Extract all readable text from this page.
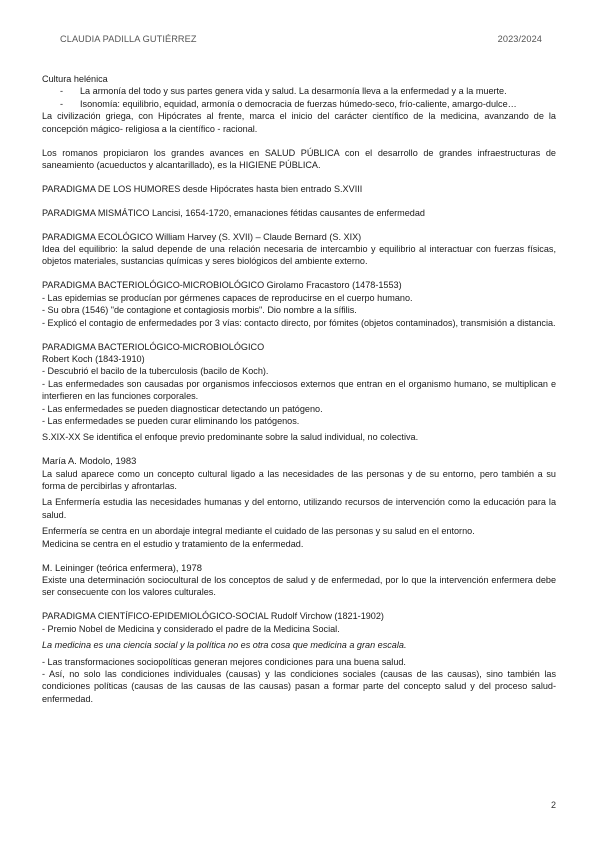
CLAUDIA PADILLA GUTIÉRREZ	2023/2024

Cultura helénica

- La armonía del todo y sus partes genera vida y salud. La desarmonía lleva a la enfermedad y a la muerte.
- Isonomía: equilibrio, equidad, armonía o democracia de fuerzas húmedo-seco, frío-caliente, amargo-dulce…

La civilización griega, con Hipócrates al frente, marca el inicio del carácter científico de la medicina, avanzando de la concepción mágico- religiosa a la científico - racional.

Los romanos propiciaron los grandes avances en SALUD PÚBLICA con el desarrollo de grandes infraestructuras de saneamiento (acueductos y alcantarillado), es la HIGIENE PÚBLICA.

PARADIGMA DE LOS HUMORES desde Hipócrates hasta bien entrado S.XVIII

PARADIGMA MISMÁTICO Lancisi, 1654-1720, emanaciones fétidas causantes de enfermedad

PARADIGMA ECOLÓGICO William Harvey (S. XVII) – Claude Bernard (S. XIX)

Idea del equilibrio: la salud depende de una relación necesaria de intercambio y equilibrio al interactuar con fuerzas físicas, objetos materiales, sustancias químicas y seres biológicos del ambiente externo.

PARADIGMA BACTERIOLÓGICO-MICROBIOLÓGICO Girolamo Fracastoro (1478-1553)

- Las epidemias se producían por gérmenes capaces de reproducirse en el cuerpo humano.

- Su obra (1546) "de contagione et contagiosis morbis". Dio nombre a la sífilis.

- Explicó el contagio de enfermedades por 3 vías: contacto directo, por fómites (objetos contaminados), transmisión a distancia.

PARADIGMA BACTERIOLÓGICO-MICROBIOLÓGICO

Robert Koch (1843-1910)

- Descubrió el bacilo de la tuberculosis (bacilo de Koch).

- Las enfermedades son causadas por organismos infecciosos externos que entran en el organismo humano, se multiplican e interfieren en las funciones corporales.

- Las enfermedades se pueden diagnosticar detectando un patógeno.

- Las enfermedades se pueden curar eliminando los patógenos.

S.XIX-XX Se identifica el enfoque previo predominante sobre la salud individual, no colectiva.

María A. Modolo, 1983

La salud aparece como un concepto cultural ligado a las necesidades de las personas y de su entorno, pero también a su forma de percibirlas y afrontarlas.

La Enfermería estudia las necesidades humanas y del entorno, utilizando recursos de intervención como la educación para la salud.

Enfermería se centra en un abordaje integral mediante el cuidado de las personas y su salud en el entorno.

Medicina se centra en el estudio y tratamiento de la enfermedad.

M. Leininger (teórica enfermera), 1978

Existe una determinación sociocultural de los conceptos de salud y de enfermedad, por lo que la intervención enfermera debe ser consecuente con los valores culturales.

PARADIGMA CIENTÍFICO-EPIDEMIOLÓGICO-SOCIAL Rudolf Virchow (1821-1902)

- Premio Nobel de Medicina y considerado el padre de la Medicina Social.

La medicina es una ciencia social y la política no es otra cosa que medicina a gran escala.

- Las transformaciones sociopolíticas generan mejores condiciones para una buena salud.

- Así, no solo las condiciones individuales (causas) y las condiciones sociales (causas de las causas), sino también las condiciones políticas (causas de las causas de las causas) pasan a formar parte del concepto salud y del proceso salud-enfermedad.

2
